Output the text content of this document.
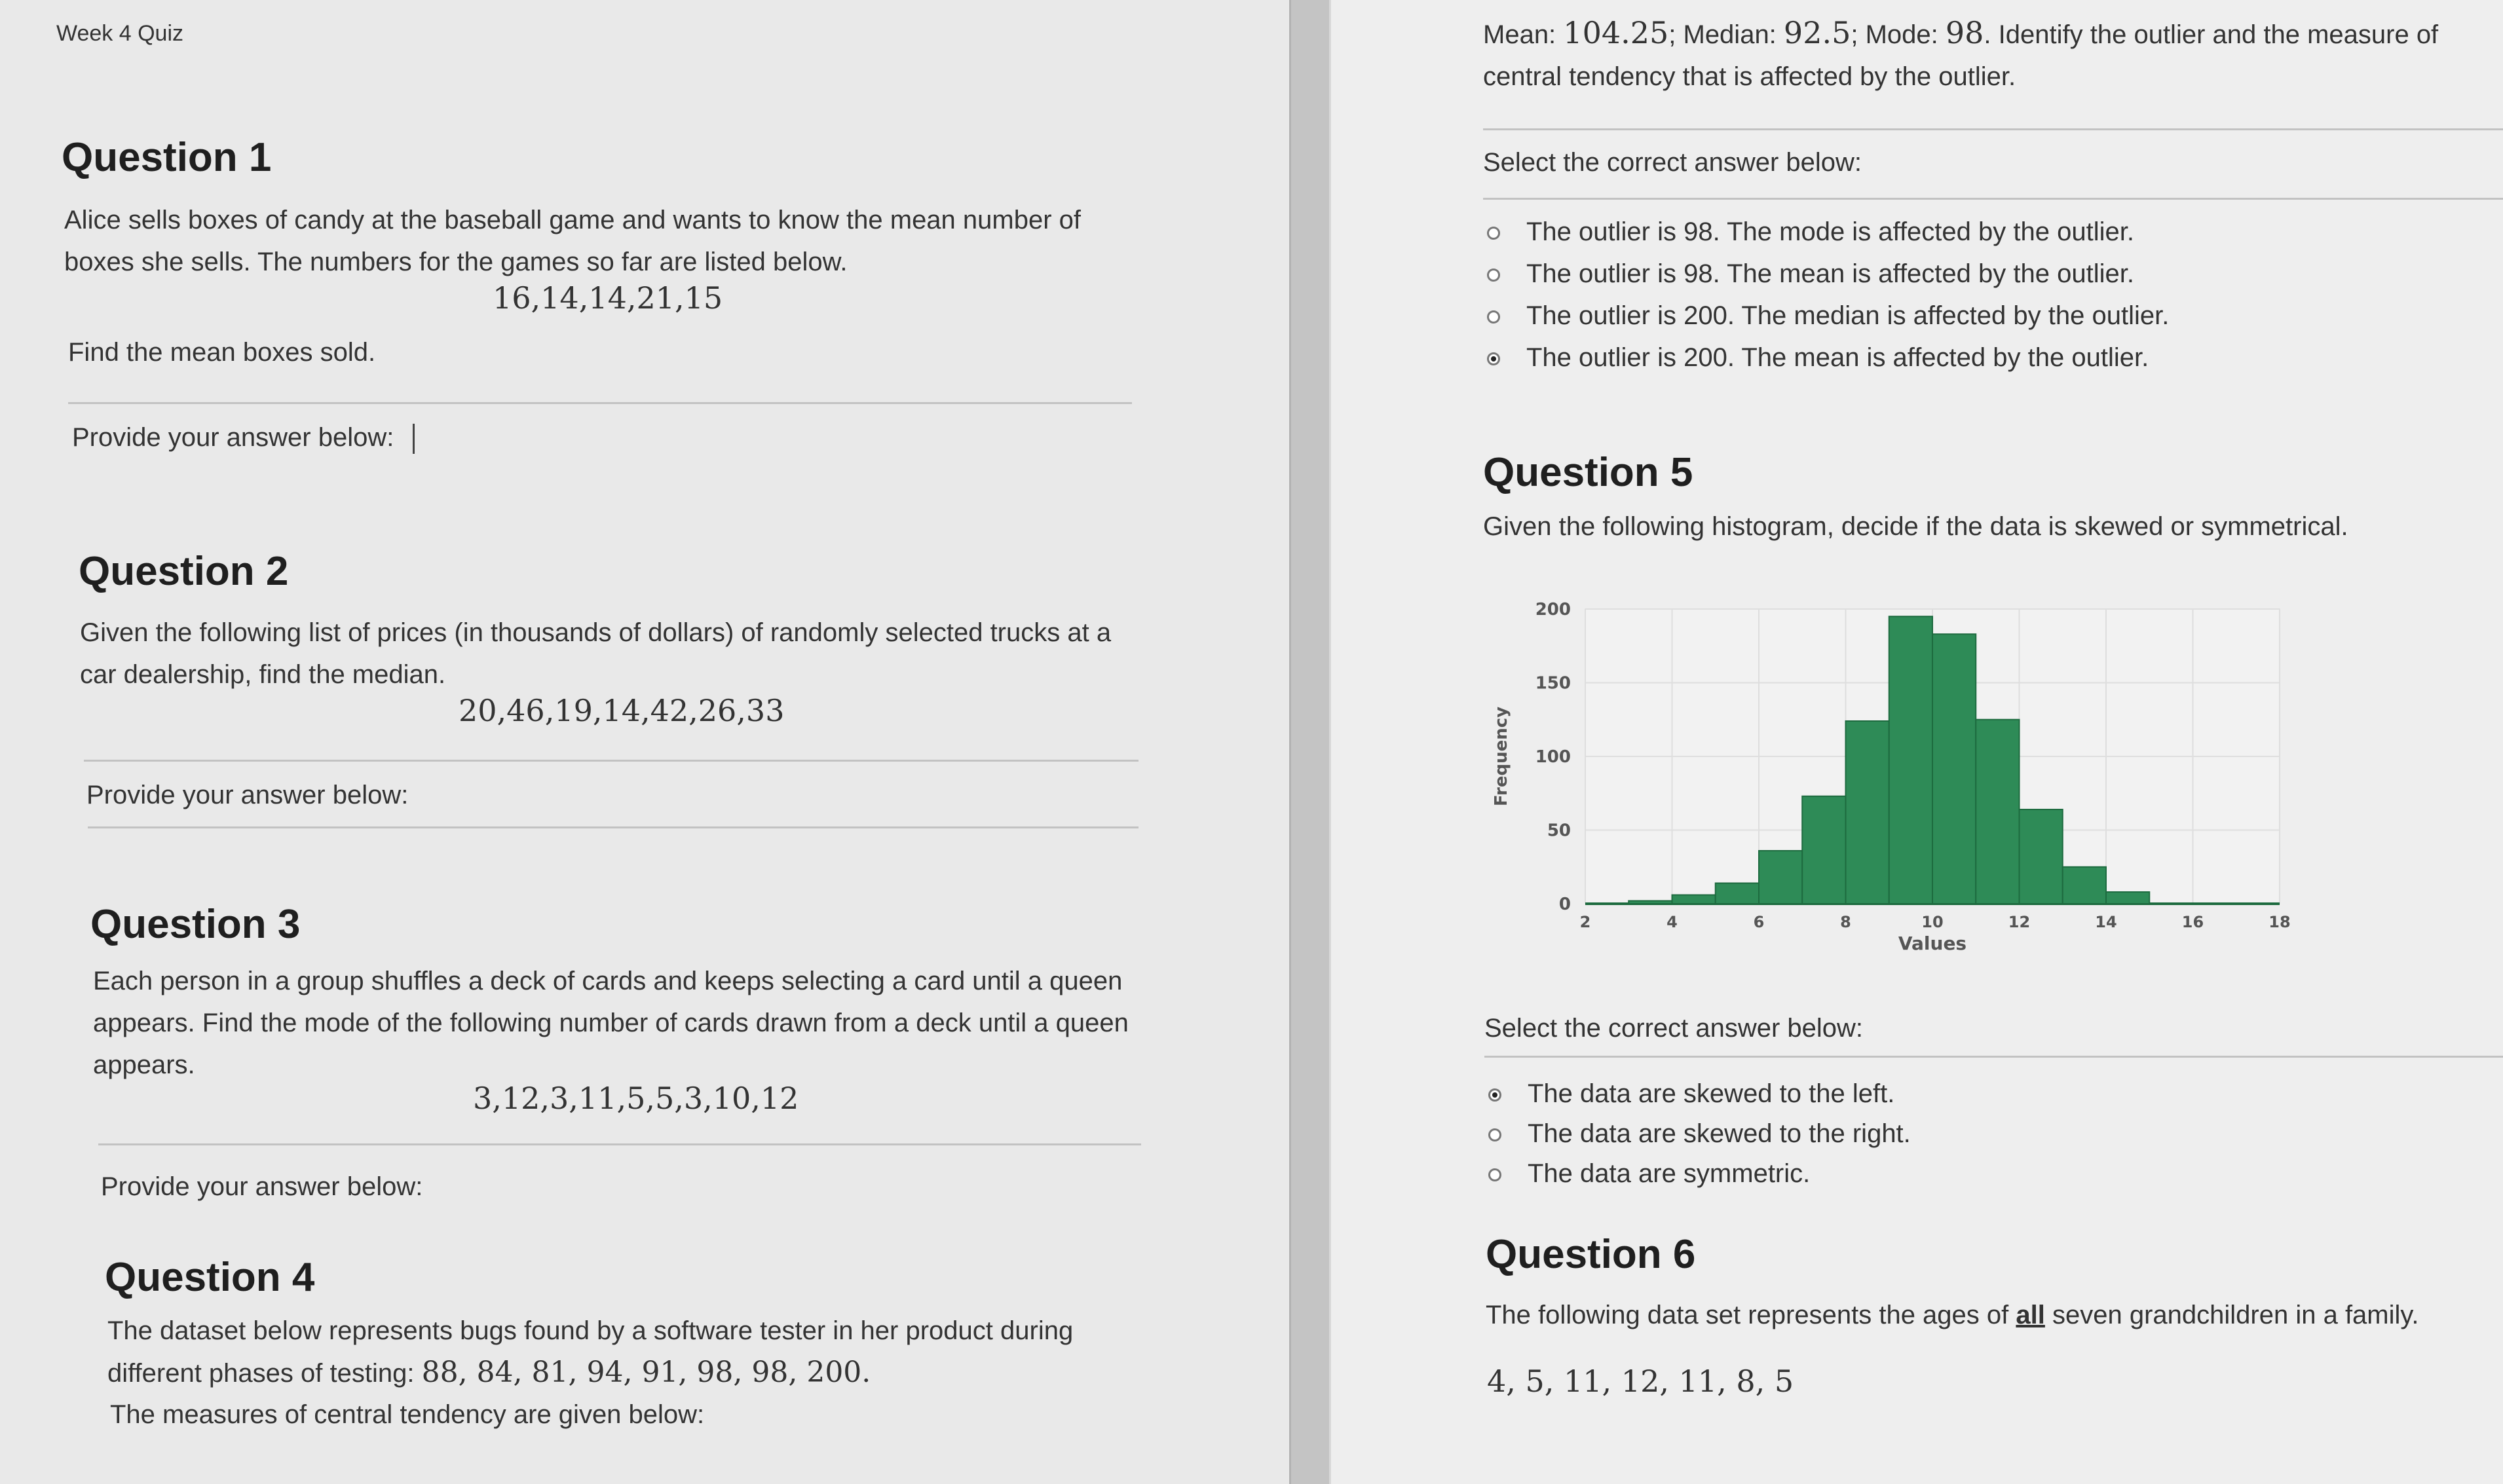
Week 4 Quiz
Question 1
Alice sells boxes of candy at the baseball game and wants to know the mean number of boxes she sells. The numbers for the games so far are listed below.
16,14,14,21,15
Find the mean boxes sold.
Provide your answer below:
Question 2
Given the following list of prices (in thousands of dollars) of randomly selected trucks at a car dealership, find the median.
20,46,19,14,42,26,33
Provide your answer below:
Question 3
Each person in a group shuffles a deck of cards and keeps selecting a card until a queen appears. Find the mode of the following number of cards drawn from a deck until a queen appears.
3,12,3,11,5,5,3,10,12
Provide your answer below:
Question 4
The dataset below represents bugs found by a software tester in her product during different phases of testing: 88, 84, 81, 94, 91, 98, 98, 200.
The measures of central tendency are given below:
Mean: 104.25; Median: 92.5; Mode: 98. Identify the outlier and the measure of central tendency that is affected by the outlier.
Select the correct answer below:
The outlier is 98. The mode is affected by the outlier.
The outlier is 98. The mean is affected by the outlier.
The outlier is 200. The median is affected by the outlier.
The outlier is 200. The mean is affected by the outlier.
Question 5
Given the following histogram, decide if the data is skewed or symmetrical.
0
50
100
150
200
2	4	6	8	10	12	14	16	18
Values
Frequency
Select the correct answer below:
The data are skewed to the left.
The data are skewed to the right.
The data are symmetric.
Question 6
The following data set represents the ages of all seven grandchildren in a family.
4, 5, 11, 12, 11, 8, 5
